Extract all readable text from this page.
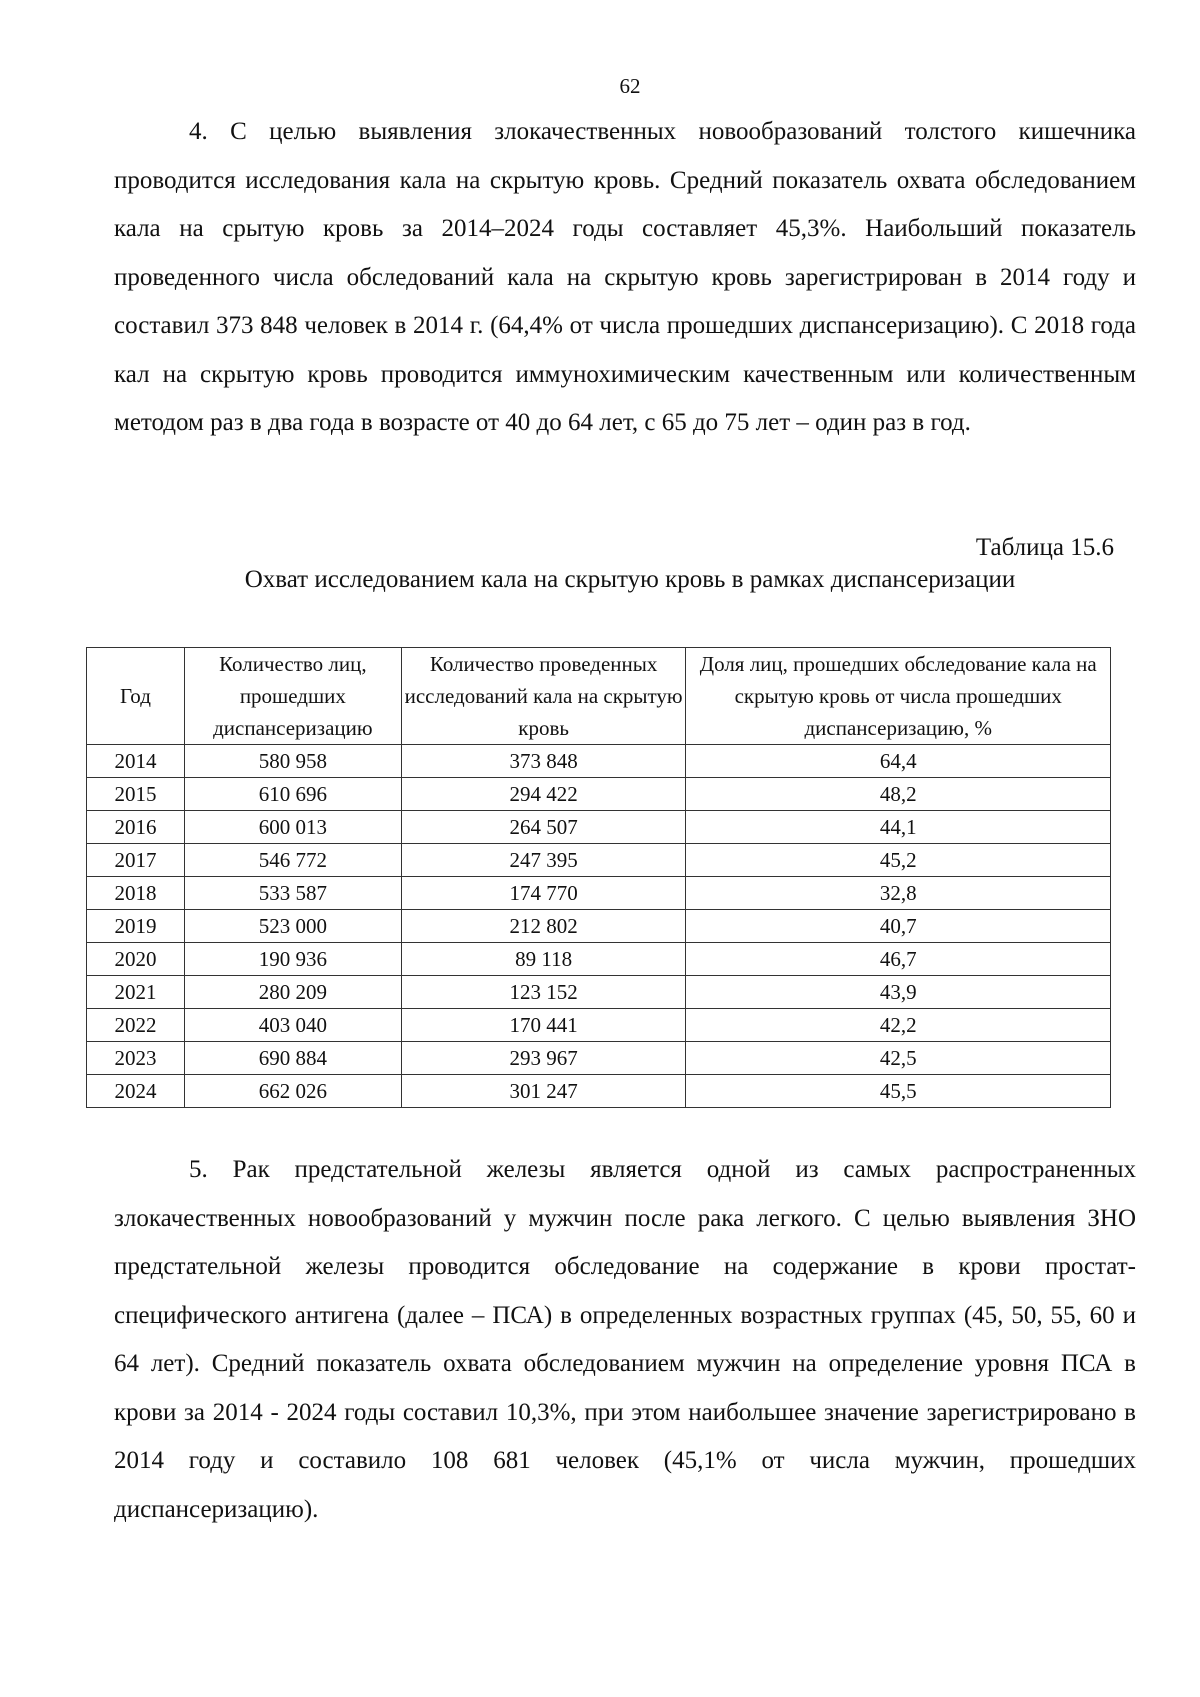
62

4. С целью выявления злокачественных новообразований толстого кишечника проводится исследования кала на скрытую кровь. Средний показатель охвата обследованием кала на срытую кровь за 2014–2024 годы составляет 45,3%. Наибольший показатель проведенного числа обследований кала на скрытую кровь зарегистрирован в 2014 году и составил 373 848 человек в 2014 г. (64,4% от числа прошедших диспансеризацию). С 2018 года кал на скрытую кровь проводится иммунохимическим качественным или количественным методом раз в два года в возрасте от 40 до 64 лет, с 65 до 75 лет – один раз в год.

Таблица 15.6
Охват исследованием кала на скрытую кровь в рамках диспансеризации
Год	Количество лиц, прошедших диспансеризацию	Количество проведенных исследований кала на скрытую кровь	Доля лиц, прошедших обследование кала на скрытую кровь от числа прошедших диспансеризацию, %
2014	580 958	373 848	64,4
2015	610 696	294 422	48,2
2016	600 013	264 507	44,1
2017	546 772	247 395	45,2
2018	533 587	174 770	32,8
2019	523 000	212 802	40,7
2020	190 936	89 118	46,7
2021	280 209	123 152	43,9
2022	403 040	170 441	42,2
2023	690 884	293 967	42,5
2024	662 026	301 247	45,5

5. Рак предстательной железы является одной из самых распространенных злокачественных новообразований у мужчин после рака легкого. С целью выявления ЗНО предстательной железы проводится обследование на содержание в крови простат-специфического антигена (далее – ПСА) в определенных возрастных группах (45, 50, 55, 60 и 64 лет). Средний показатель охвата обследованием мужчин на определение уровня ПСА в крови за 2014 - 2024 годы составил 10,3%, при этом наибольшее значение зарегистрировано в 2014 году и составило 108 681 человек (45,1% от числа мужчин, прошедших диспансеризацию).
